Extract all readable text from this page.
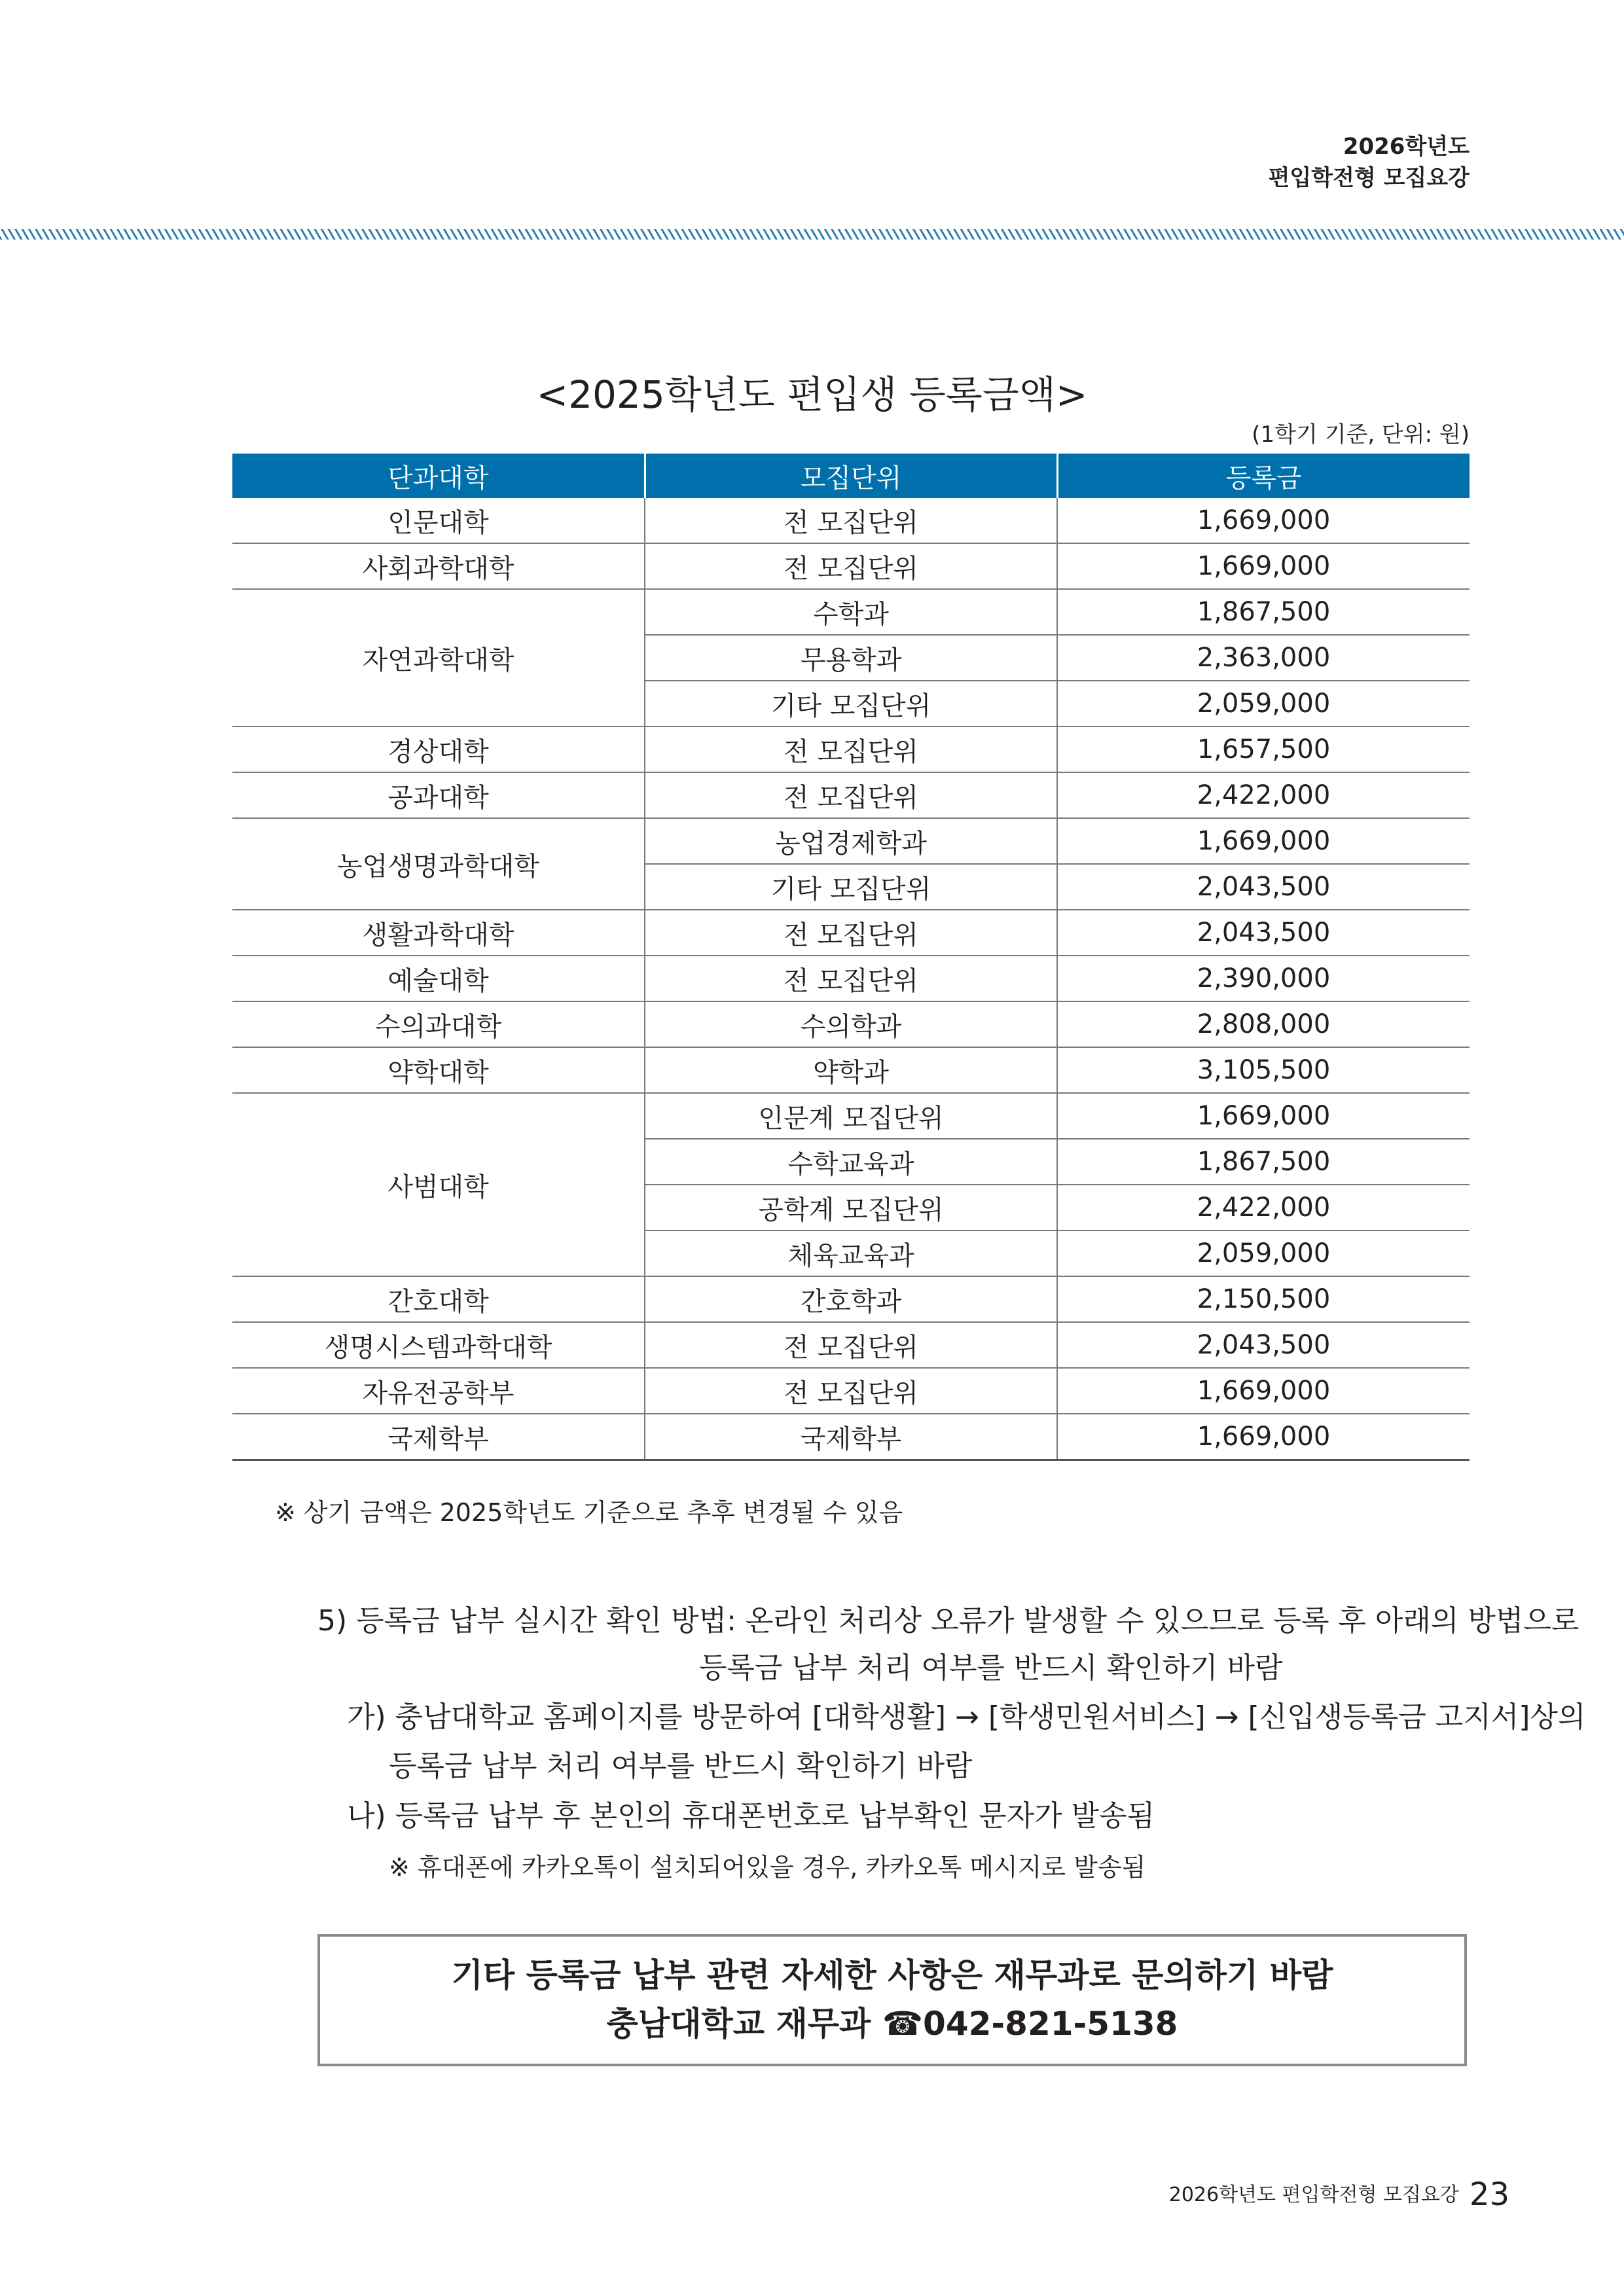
2026학년도
편입학전형 모집요강
<2025학년도 편입생 등록금액>
(1학기 기준, 단위: 원)
단과대학	모집단위	등록금
인문대학	전 모집단위	1,669,000
사회과학대학	전 모집단위	1,669,000
자연과학대학	수학과	1,867,500
	무용학과	2,363,000
	기타 모집단위	2,059,000
경상대학	전 모집단위	1,657,500
공과대학	전 모집단위	2,422,000
농업생명과학대학	농업경제학과	1,669,000
	기타 모집단위	2,043,500
생활과학대학	전 모집단위	2,043,500
예술대학	전 모집단위	2,390,000
수의과대학	수의학과	2,808,000
약학대학	약학과	3,105,500
사범대학	인문계 모집단위	1,669,000
	수학교육과	1,867,500
	공학계 모집단위	2,422,000
	체육교육과	2,059,000
간호대학	간호학과	2,150,500
생명시스템과학대학	전 모집단위	2,043,500
자유전공학부	전 모집단위	1,669,000
국제학부	국제학부	1,669,000
※ 상기 금액은 2025학년도 기준으로 추후 변경될 수 있음
5) 등록금 납부 실시간 확인 방법: 온라인 처리상 오류가 발생할 수 있으므로 등록 후 아래의 방법으로
등록금 납부 처리 여부를 반드시 확인하기 바람
가) 충남대학교 홈페이지를 방문하여 [대학생활] → [학생민원서비스] → [신입생등록금 고지서]상의
등록금 납부 처리 여부를 반드시 확인하기 바람
나) 등록금 납부 후 본인의 휴대폰번호로 납부확인 문자가 발송됨
※ 휴대폰에 카카오톡이 설치되어있을 경우, 카카오톡 메시지로 발송됨
기타 등록금 납부 관련 자세한 사항은 재무과로 문의하기 바람
충남대학교 재무과 ☎042-821-5138
2026학년도 편입학전형 모집요강 23
